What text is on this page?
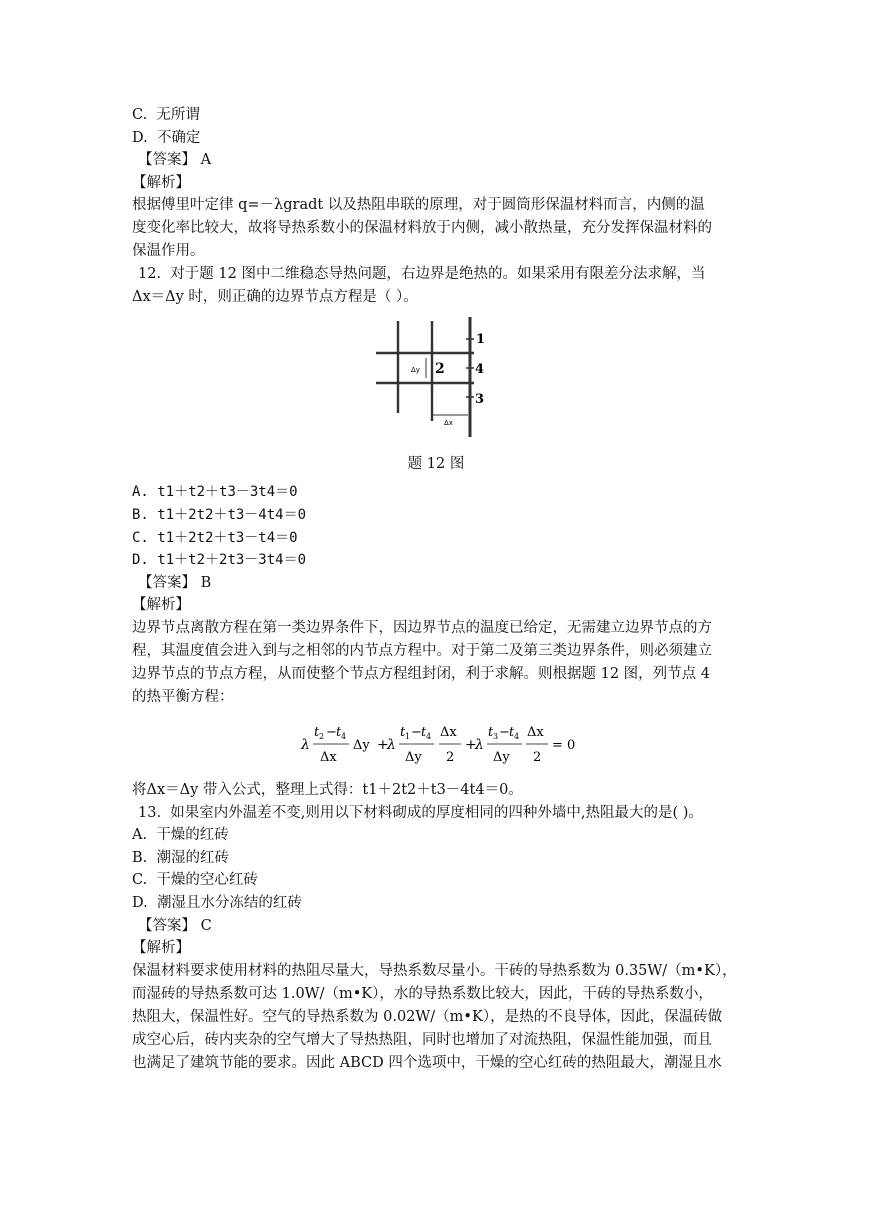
C. 无所谓
D. 不确定
【答案】 A
【解析】
根据傅里叶定律 q=－λgradt 以及热阻串联的原理，对于圆筒形保温材料而言，内侧的温
度变化率比较大，故将导热系数小的保温材料放于内侧，减小散热量，充分发挥保温材料的
保温作用。
12. 对于题 12 图中二维稳态导热问题，右边界是绝热的。如果采用有限差分法求解，当
Δx＝Δy 时，则正确的边界节点方程是（ ）。
1
4
2
3
Δy
Δx
题 12 图
A. t1＋t2＋t3－3t4＝0
B. t1＋2t2＋t3－4t4＝0
C. t1＋2t2＋t3－t4＝0
D. t1＋t2＋2t3－3t4＝0
【答案】 B
【解析】
边界节点离散方程在第一类边界条件下，因边界节点的温度已给定，无需建立边界节点的方
程，其温度值会进入到与之相邻的内节点方程中。对于第二及第三类边界条件，则必须建立
边界节点的节点方程，从而使整个节点方程组封闭，利于求解。则根据题 12 图，列节点 4
的热平衡方程：
λ
t 2 − t 4
Δx
Δy +
λ
t 1 − t 4
Δy
Δx
2
+
λ
t 3 − t 4
Δy
Δx
2
= 0
将Δx＝Δy 带入公式，整理上式得：t1＋2t2＋t3－4t4＝0。
13. 如果室内外温差不变,则用以下材料砌成的厚度相同的四种外墙中,热阻最大的是( )。
A. 干燥的红砖
B. 潮湿的红砖
C. 干燥的空心红砖
D. 潮湿且水分冻结的红砖
【答案】 C
【解析】
保温材料要求使用材料的热阻尽量大，导热系数尽量小。干砖的导热系数为 0.35W/（m•K），
而湿砖的导热系数可达 1.0W/（m•K），水的导热系数比较大，因此，干砖的导热系数小，
热阻大，保温性好。空气的导热系数为 0.02W/（m•K），是热的不良导体，因此，保温砖做
成空心后，砖内夹杂的空气增大了导热热阻，同时也增加了对流热阻，保温性能加强，而且
也满足了建筑节能的要求。因此 ABCD 四个选项中，干燥的空心红砖的热阻最大，潮湿且水
